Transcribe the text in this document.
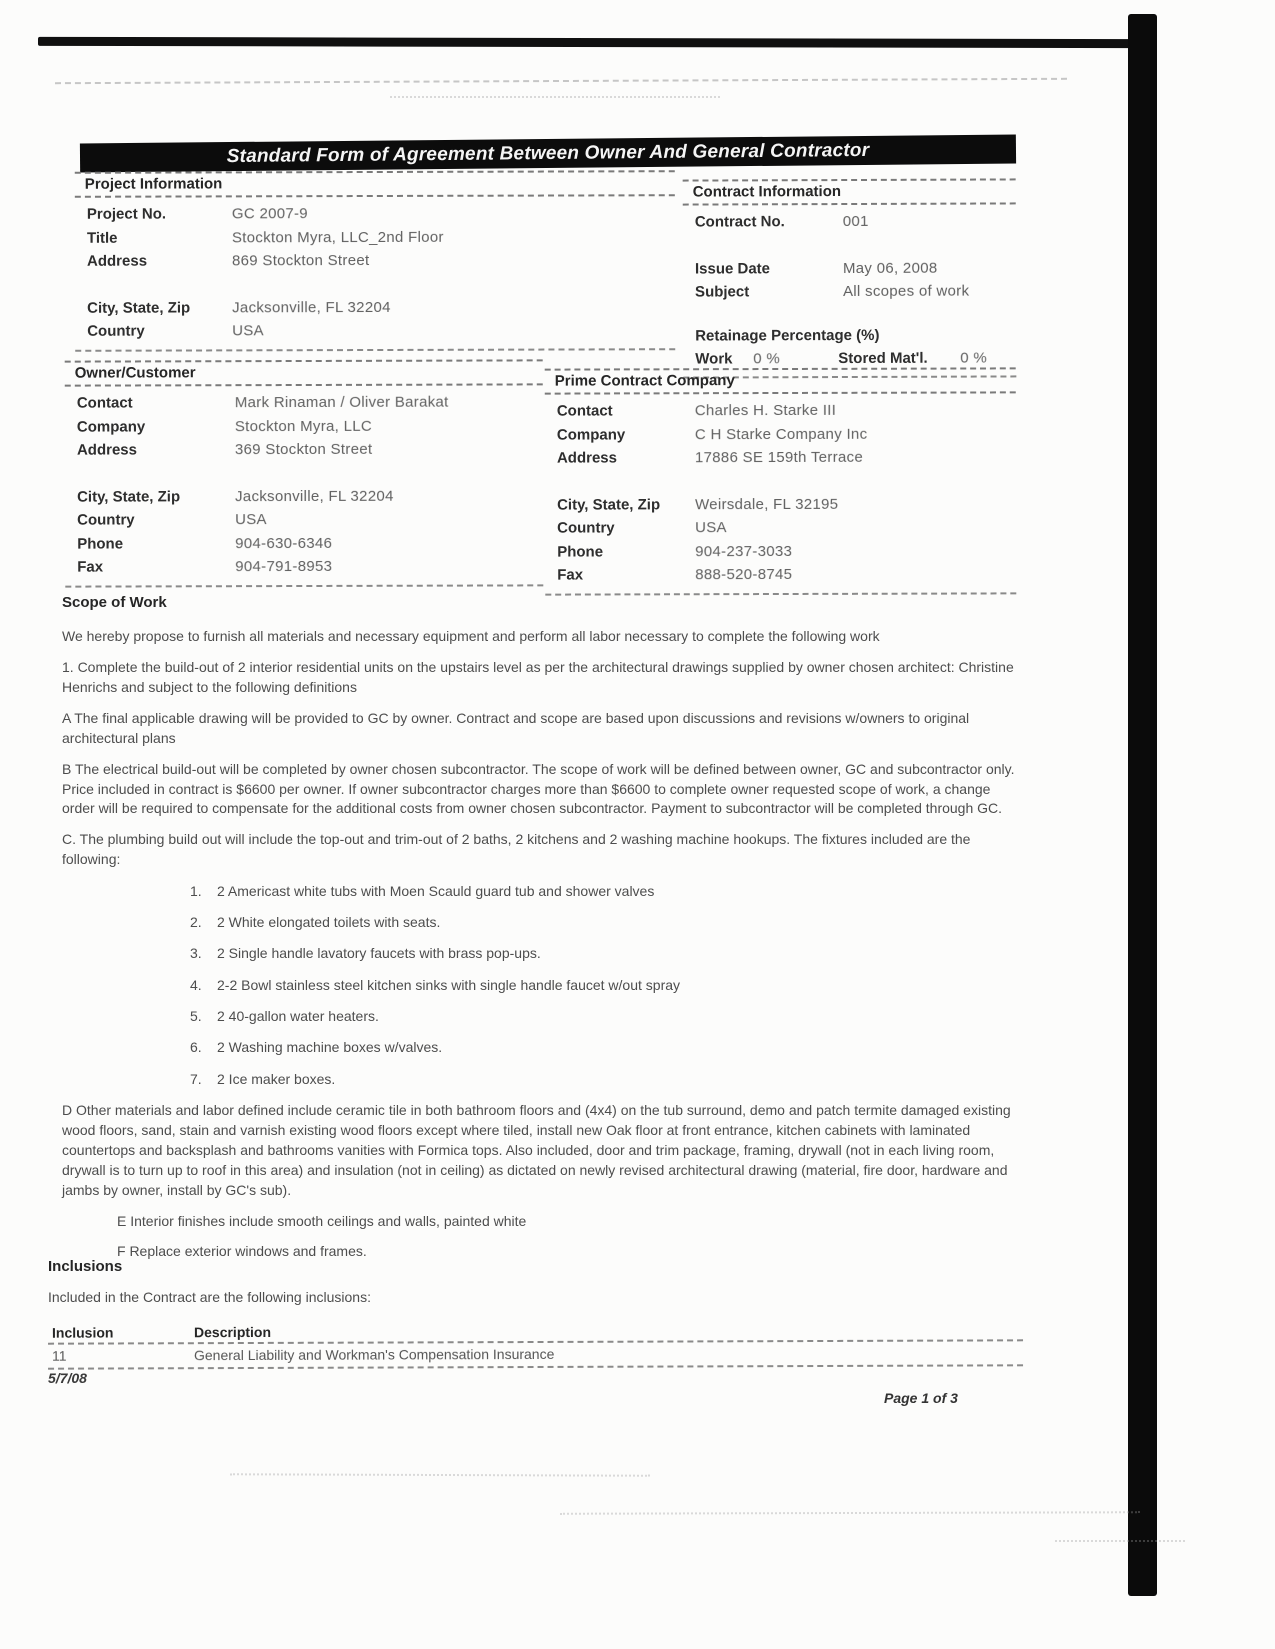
Standard Form of Agreement Between Owner And General Contractor
Project Information
Project No.	GC 2007-9
Title	Stockton Myra, LLC_2nd Floor
Address	869 Stockton Street
City, State, Zip	Jacksonville, FL 32204
Country	USA
Contract Information
Contract No.	001
Issue Date	May 06, 2008
Subject	All scopes of work
Retainage Percentage (%)
Work	0 %	Stored Mat'l.	0 %
Owner/Customer
Contact	Mark Rinaman / Oliver Barakat
Company	Stockton Myra, LLC
Address	369 Stockton Street
City, State, Zip	Jacksonville, FL 32204
Country	USA
Phone	904-630-6346
Fax	904-791-8953
Prime Contract Company
Contact	Charles H. Starke III
Company	C H Starke Company Inc
Address	17886 SE 159th Terrace
City, State, Zip	Weirsdale, FL 32195
Country	USA
Phone	904-237-3033
Fax	888-520-8745
Scope of Work

We hereby propose to furnish all materials and necessary equipment and perform all labor necessary to complete the following work

1. Complete the build-out of 2 interior residential units on the upstairs level as per the architectural drawings supplied by owner chosen architect: Christine Henrichs and subject to the following definitions

A The final applicable drawing will be provided to GC by owner. Contract and scope are based upon discussions and revisions w/owners to original architectural plans

B The electrical build-out will be completed by owner chosen subcontractor. The scope of work will be defined between owner, GC and subcontractor only. Price included in contract is $6600 per owner. If owner subcontractor charges more than $6600 to complete owner requested scope of work, a change order will be required to compensate for the additional costs from owner chosen subcontractor. Payment to subcontractor will be completed through GC.

C. The plumbing build out will include the top-out and trim-out of 2 baths, 2 kitchens and 2 washing machine hookups. The fixtures included are the following:

1.	2 Americast white tubs with Moen Scauld guard tub and shower valves
2.	2 White elongated toilets with seats.
3.	2 Single handle lavatory faucets with brass pop-ups.
4.	2-2 Bowl stainless steel kitchen sinks with single handle faucet w/out spray
5.	2 40-gallon water heaters.
6.	2 Washing machine boxes w/valves.
7.	2 Ice maker boxes.

D Other materials and labor defined include ceramic tile in both bathroom floors and (4x4) on the tub surround, demo and patch termite damaged existing wood floors, sand, stain and varnish existing wood floors except where tiled, install new Oak floor at front entrance, kitchen cabinets with laminated countertops and backsplash and bathrooms vanities with Formica tops. Also included, door and trim package, framing, drywall (not in each living room, drywall is to turn up to roof in this area) and insulation (not in ceiling) as dictated on newly revised architectural drawing (material, fire door, hardware and jambs by owner, install by GC's sub).

E Interior finishes include smooth ceilings and walls, painted white

F Replace exterior windows and frames.

Inclusions

Included in the Contract are the following inclusions:

Inclusion	Description
11	General Liability and Workman's Compensation Insurance
5/7/08
Page 1 of 3
